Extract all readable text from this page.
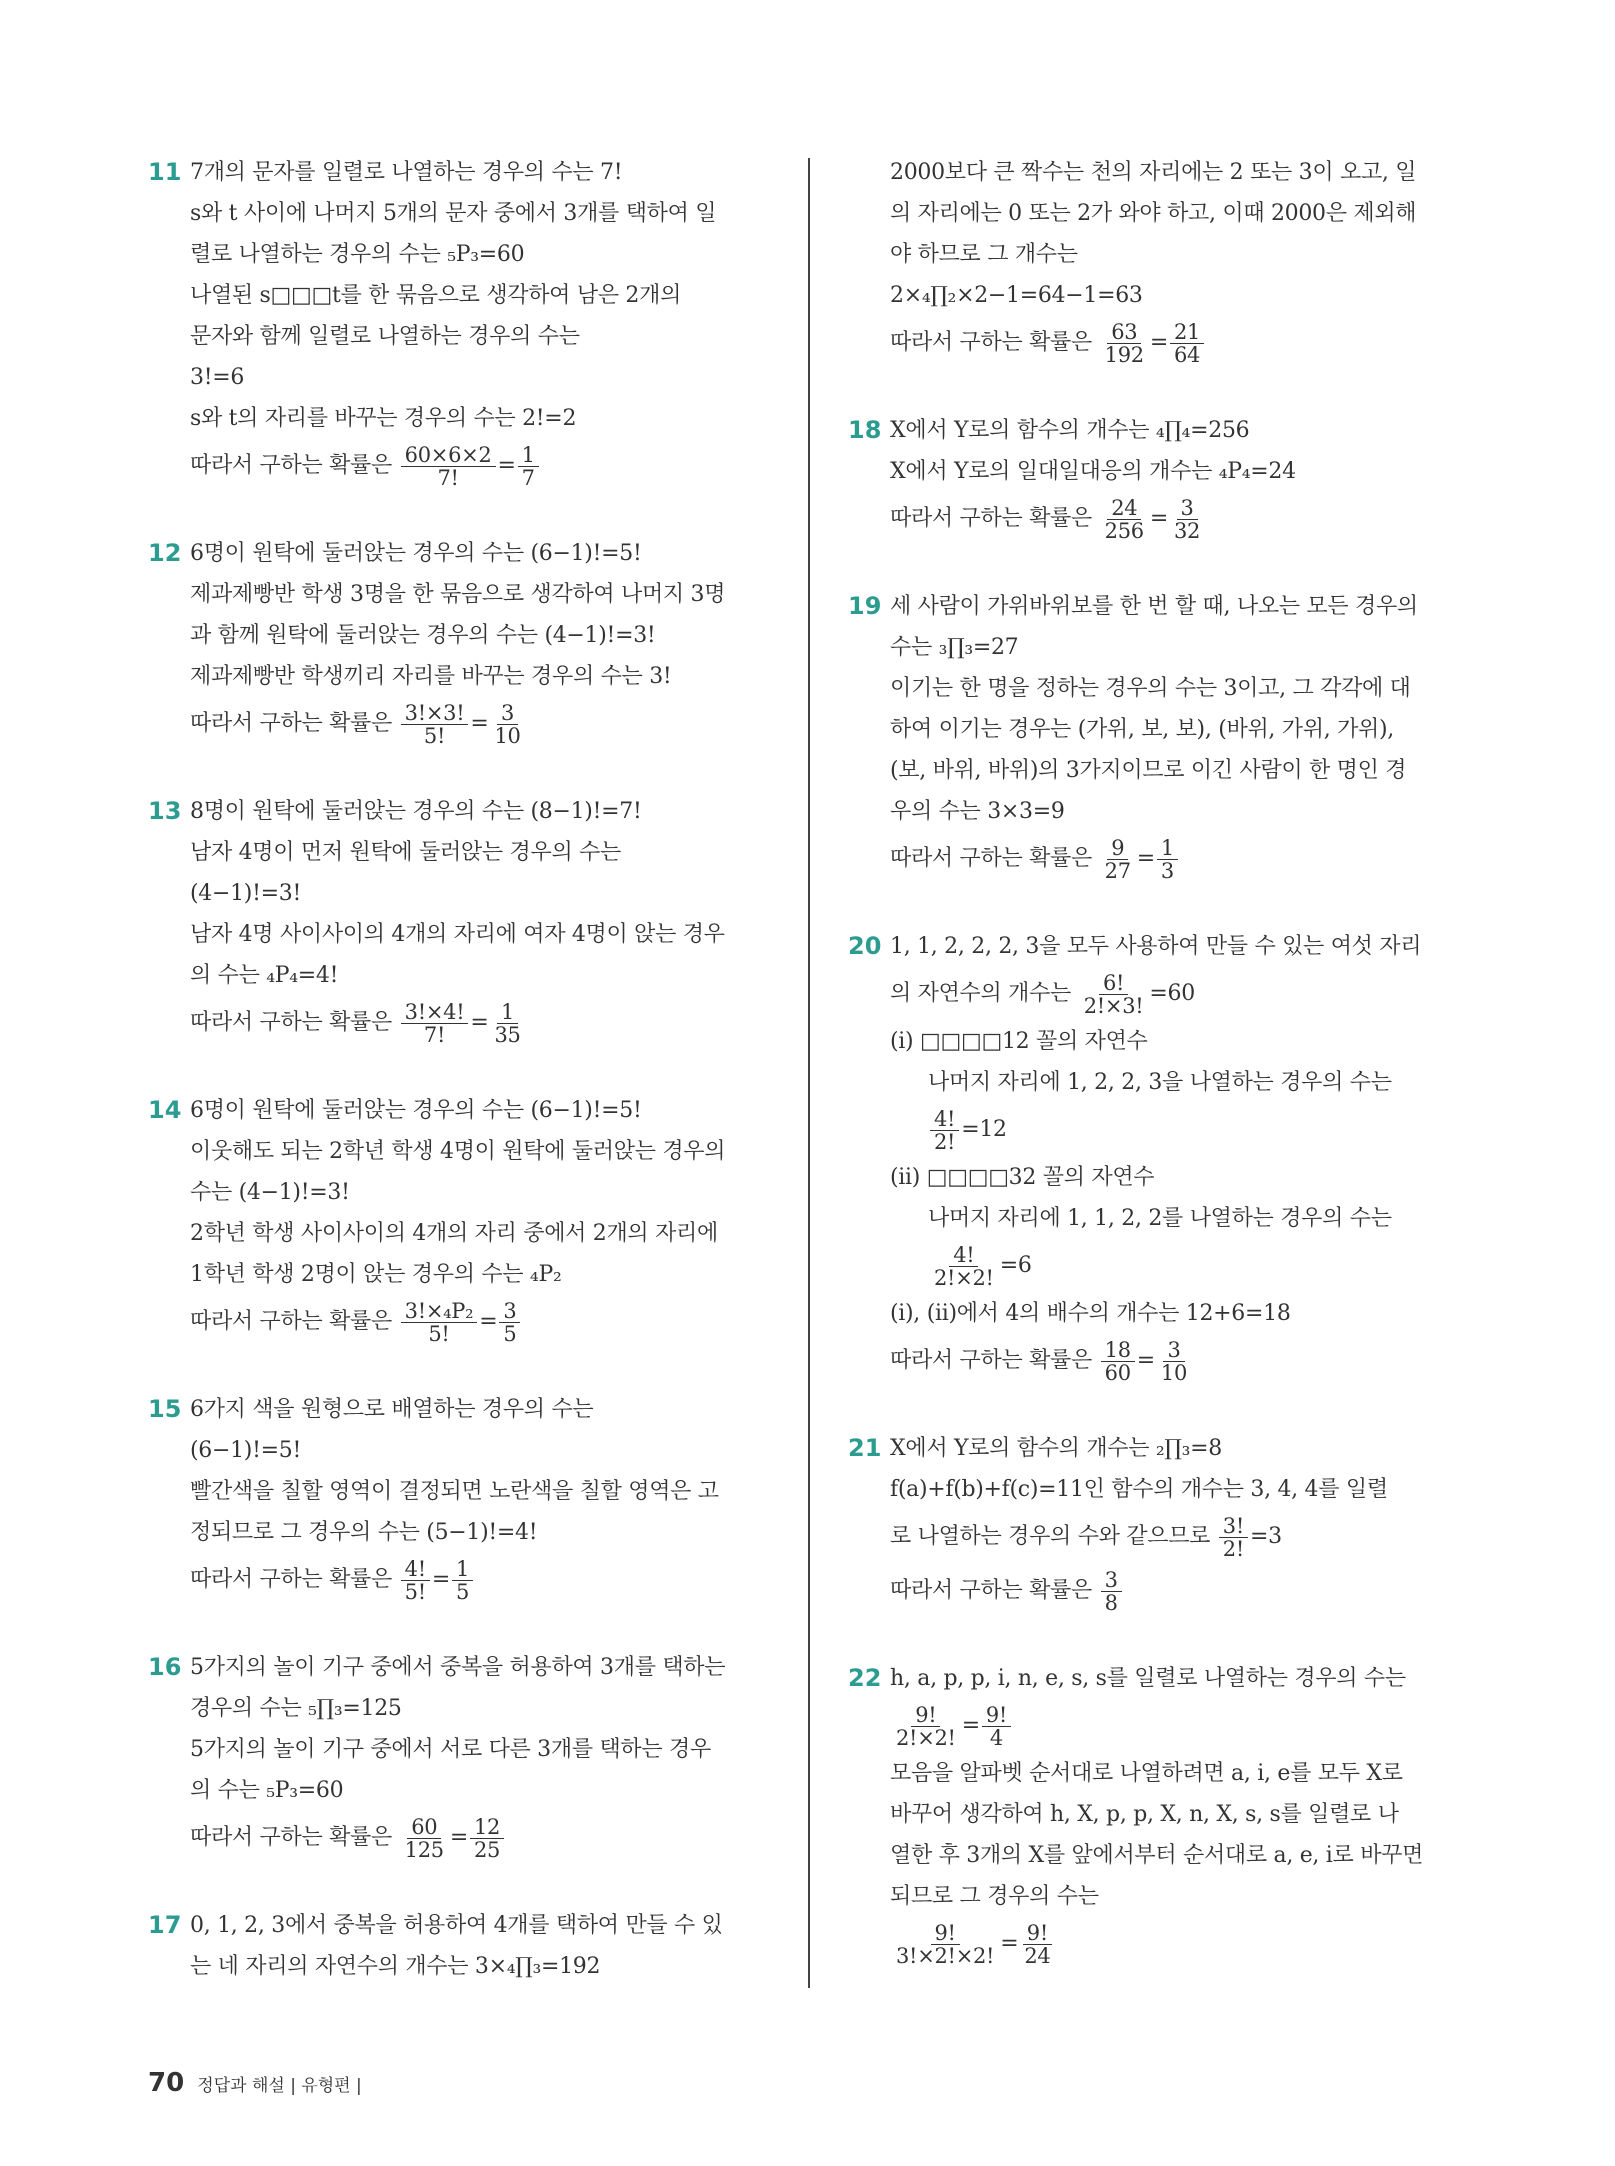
11 7개의 문자를 일렬로 나열하는 경우의 수는 7!
s와 t 사이에 나머지 5개의 문자 중에서 3개를 택하여 일
렬로 나열하는 경우의 수는 ₅P₃=60
나열된 s□□□t를 한 묶음으로 생각하여 남은 2개의
문자와 함께 일렬로 나열하는 경우의 수는
3!=6
s와 t의 자리를 바꾸는 경우의 수는 2!=2
따라서 구하는 확률은 $\frac{60\times 6\times 2}{7!} = \frac{1}{7}$
12 6명이 원탁에 둘러앉는 경우의 수는 (6−1)!=5!
제과제빵반 학생 3명을 한 묶음으로 생각하여 나머지 3명
과 함께 원탁에 둘러앉는 경우의 수는 (4−1)!=3!
제과제빵반 학생끼리 자리를 바꾸는 경우의 수는 3!
따라서 구하는 확률은 $\frac{3!\times 3!}{5!} = \frac{3}{10}$
13 8명이 원탁에 둘러앉는 경우의 수는 (8−1)!=7!
남자 4명이 먼저 원탁에 둘러앉는 경우의 수는
(4−1)!=3!
남자 4명 사이사이의 4개의 자리에 여자 4명이 앉는 경우
의 수는 ₄P₄=4!
따라서 구하는 확률은 $\frac{3!\times 4!}{7!} = \frac{1}{35}$
14 6명이 원탁에 둘러앉는 경우의 수는 (6−1)!=5!
이웃해도 되는 2학년 학생 4명이 원탁에 둘러앉는 경우의
수는 (4−1)!=3!
2학년 학생 사이사이의 4개의 자리 중에서 2개의 자리에
1학년 학생 2명이 앉는 경우의 수는 ₄P₂
따라서 구하는 확률은 $\frac{\text{3!×₄P₂}}{5!} = \frac{3}{5}$
15 6가지 색을 원형으로 배열하는 경우의 수는
(6−1)!=5!
빨간색을 칠할 영역이 결정되면 노란색을 칠할 영역은 고
정되므로 그 경우의 수는 (5−1)!=4!
따라서 구하는 확률은 $\frac{4!}{5!} = \frac{1}{5}$
16 5가지의 놀이 기구 중에서 중복을 허용하여 3개를 택하는
경우의 수는 ₅∏₃=125
5가지의 놀이 기구 중에서 서로 다른 3개를 택하는 경우
의 수는 ₅P₃=60
따라서 구하는 확률은 $\frac{60}{125} = \frac{12}{25}$
17 0, 1, 2, 3에서 중복을 허용하여 4개를 택하여 만들 수 있
는 네 자리의 자연수의 개수는 3×₄∏₃=192
2000보다 큰 짝수는 천의 자리에는 2 또는 3이 오고, 일
의 자리에는 0 또는 2가 와야 하고, 이때 2000은 제외해
야 하므로 그 개수는
2×₄∏₂×2−1=64−1=63
따라서 구하는 확률은 $\frac{63}{192} = \frac{21}{64}$
18 X에서 Y로의 함수의 개수는 ₄∏₄=256
X에서 Y로의 일대일대응의 개수는 ₄P₄=24
따라서 구하는 확률은 $\frac{24}{256} = \frac{3}{32}$
19 세 사람이 가위바위보를 한 번 할 때, 나오는 모든 경우의
수는 ₃∏₃=27
이기는 한 명을 정하는 경우의 수는 3이고, 그 각각에 대
하여 이기는 경우는 (가위, 보, 보), (바위, 가위, 가위),
(보, 바위, 바위)의 3가지이므로 이긴 사람이 한 명인 경
우의 수는 3×3=9
따라서 구하는 확률은 $\frac{9}{27} = \frac{1}{3}$
20 1, 1, 2, 2, 2, 3을 모두 사용하여 만들 수 있는 여섯 자리
의 자연수의 개수는 $\frac{6!}{2!\times 3!} =60$
(i) □□□□12 꼴의 자연수
나머지 자리에 1, 2, 2, 3을 나열하는 경우의 수는
$\frac{4!}{2!} =12$
(ii) □□□□32 꼴의 자연수
나머지 자리에 1, 1, 2, 2를 나열하는 경우의 수는
$\frac{4!}{2!\times 2!} =6$
(i), (ii)에서 4의 배수의 개수는 12+6=18
따라서 구하는 확률은 $\frac{18}{60} = \frac{3}{10}$
21 X에서 Y로의 함수의 개수는 ₂∏₃=8
f(a)+f(b)+f(c)=11인 함수의 개수는 3, 4, 4를 일렬
로 나열하는 경우의 수와 같으므로 $\frac{3!}{2!} =3$
따라서 구하는 확률은 $\frac{3}{8}$
22 h, a, p, p, i, n, e, s, s를 일렬로 나열하는 경우의 수는
$\frac{9!}{2!\times 2!} = \frac{9!}{4}$
모음을 알파벳 순서대로 나열하려면 a, i, e를 모두 X로
바꾸어 생각하여 h, X, p, p, X, n, X, s, s를 일렬로 나
열한 후 3개의 X를 앞에서부터 순서대로 a, e, i로 바꾸면
되므로 그 경우의 수는
$\frac{9!}{3!\times 2!\times 2!} = \frac{9!}{24}$
70 정답과 해설 | 유형편 |
